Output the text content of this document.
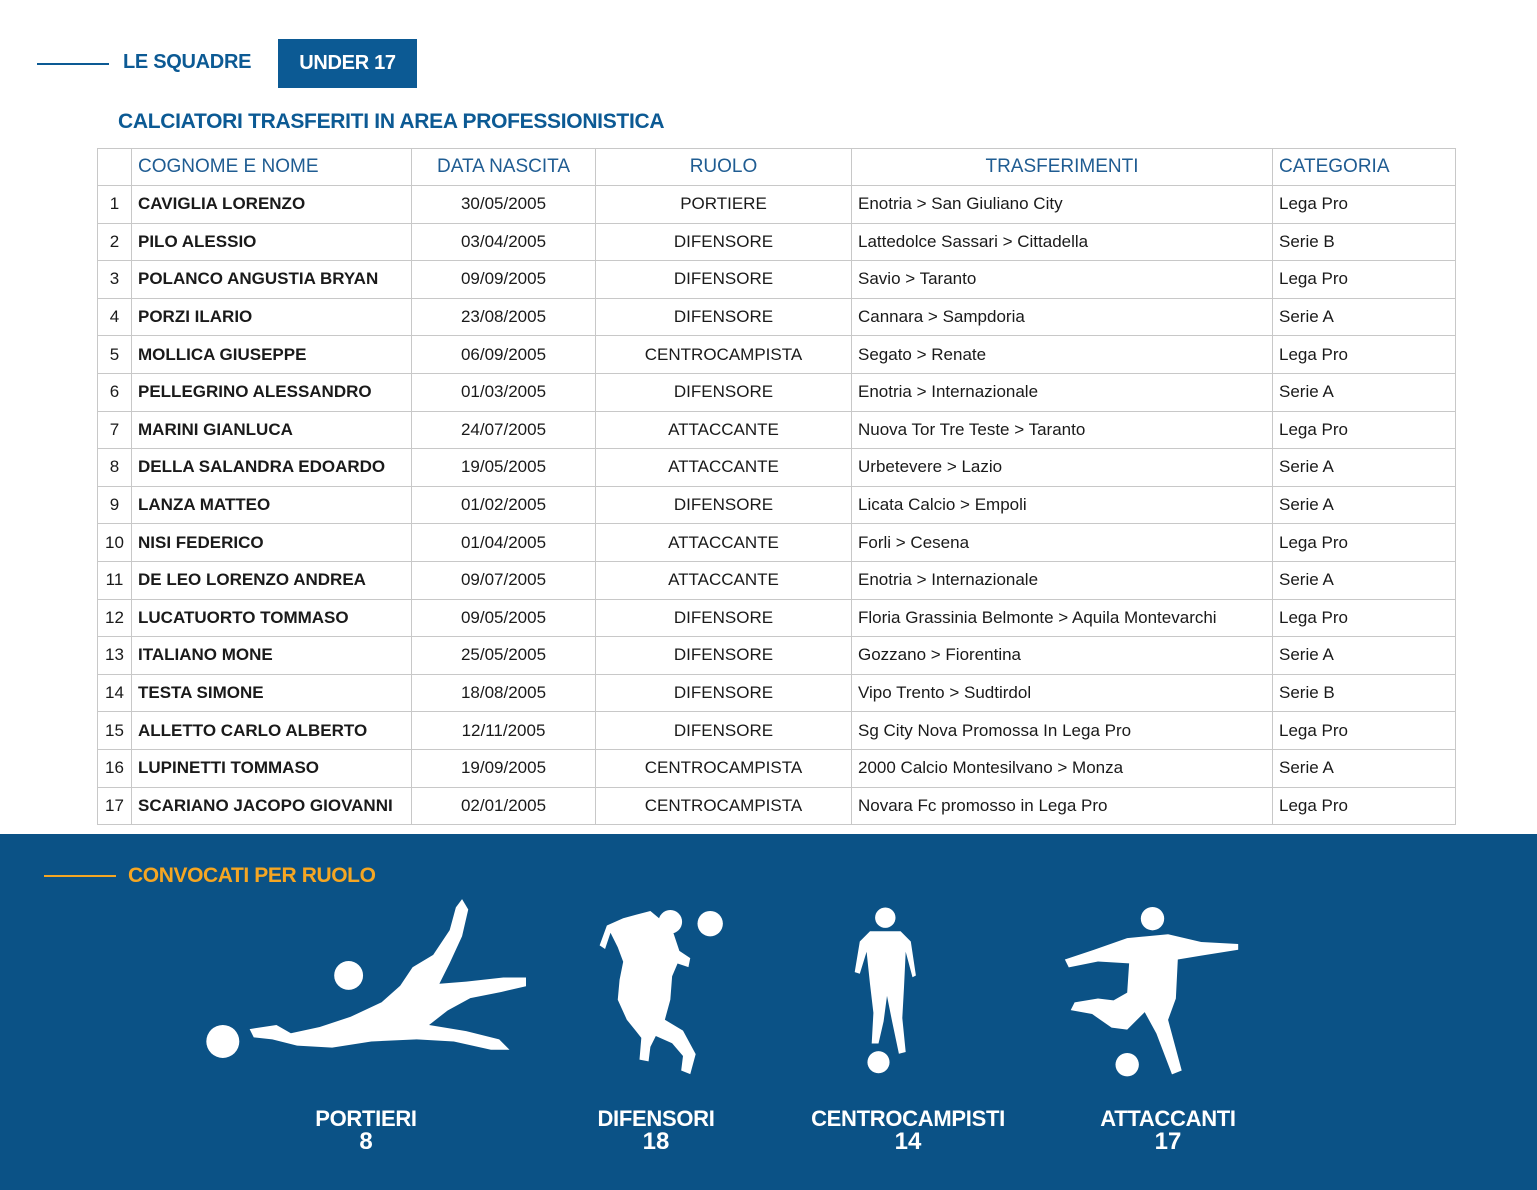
LE SQUADRE	UNDER 17
CALCIATORI TRASFERITI IN AREA PROFESSIONISTICA
	COGNOME E NOME	DATA NASCITA	RUOLO	TRASFERIMENTI	CATEGORIA
1	CAVIGLIA LORENZO	30/05/2005	PORTIERE	Enotria > San Giuliano City	Lega Pro
2	PILO ALESSIO	03/04/2005	DIFENSORE	Lattedolce Sassari > Cittadella	Serie B
3	POLANCO ANGUSTIA BRYAN	09/09/2005	DIFENSORE	Savio > Taranto	Lega Pro
4	PORZI ILARIO	23/08/2005	DIFENSORE	Cannara > Sampdoria	Serie A
5	MOLLICA GIUSEPPE	06/09/2005	CENTROCAMPISTA	Segato > Renate	Lega Pro
6	PELLEGRINO ALESSANDRO	01/03/2005	DIFENSORE	Enotria > Internazionale	Serie A
7	MARINI GIANLUCA	24/07/2005	ATTACCANTE	Nuova Tor Tre Teste > Taranto	Lega Pro
8	DELLA SALANDRA EDOARDO	19/05/2005	ATTACCANTE	Urbetevere > Lazio	Serie A
9	LANZA MATTEO	01/02/2005	DIFENSORE	Licata Calcio > Empoli	Serie A
10	NISI FEDERICO	01/04/2005	ATTACCANTE	Forli > Cesena	Lega Pro
11	DE LEO LORENZO ANDREA	09/07/2005	ATTACCANTE	Enotria > Internazionale	Serie A
12	LUCATUORTO TOMMASO	09/05/2005	DIFENSORE	Floria Grassinia Belmonte > Aquila Montevarchi	Lega Pro
13	ITALIANO MONE	25/05/2005	DIFENSORE	Gozzano > Fiorentina	Serie A
14	TESTA SIMONE	18/08/2005	DIFENSORE	Vipo Trento > Sudtirdol	Serie B
15	ALLETTO CARLO ALBERTO	12/11/2005	DIFENSORE	Sg City Nova Promossa In Lega Pro	Lega Pro
16	LUPINETTI TOMMASO	19/09/2005	CENTROCAMPISTA	2000 Calcio Montesilvano > Monza	Serie A
17	SCARIANO JACOPO GIOVANNI	02/01/2005	CENTROCAMPISTA	Novara Fc promosso in Lega Pro	Lega Pro
CONVOCATI PER RUOLO
PORTIERI
8
DIFENSORI
18
CENTROCAMPISTI
14
ATTACCANTI
17
